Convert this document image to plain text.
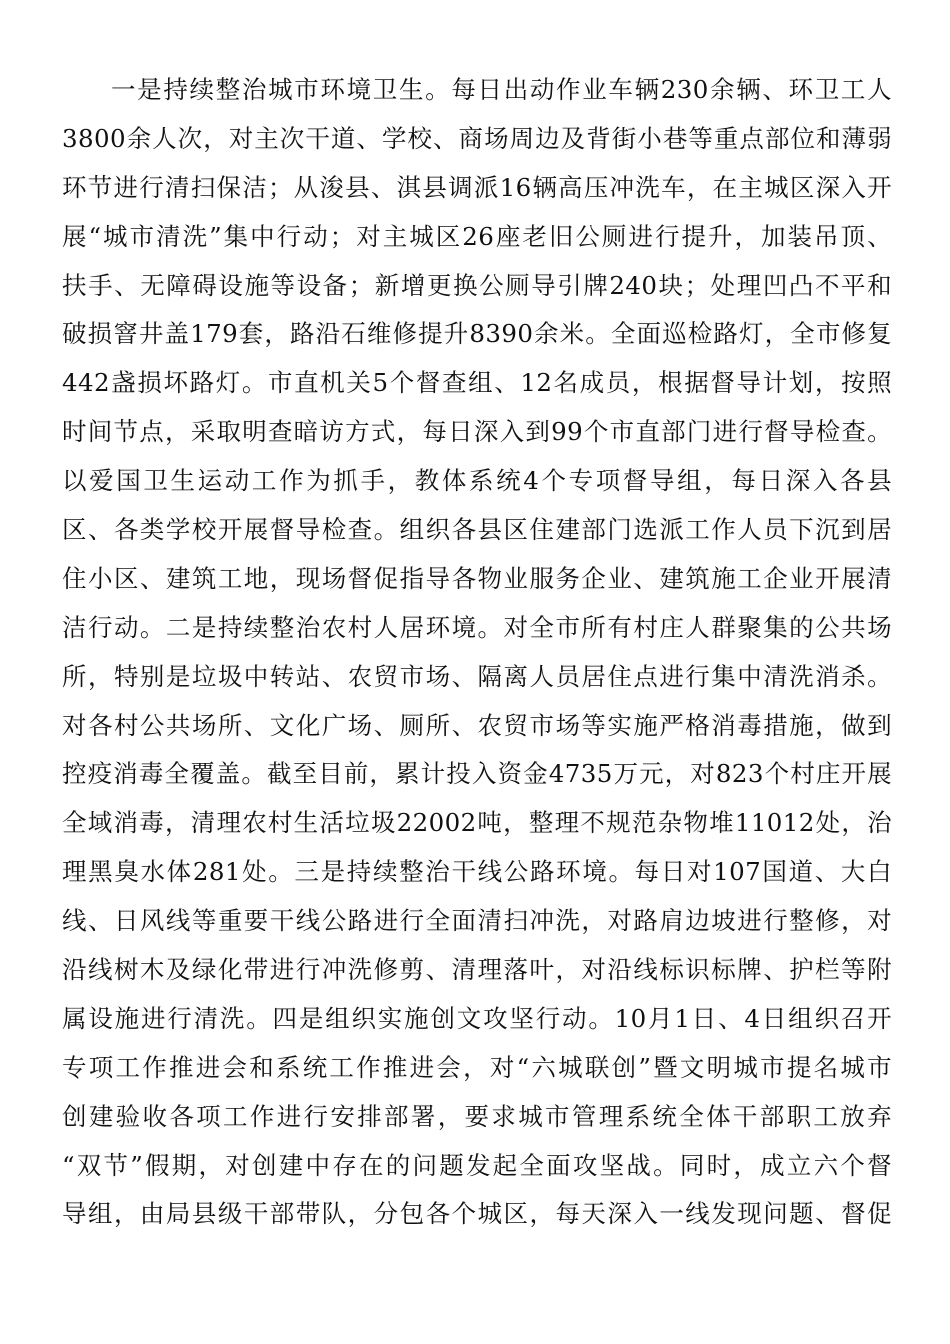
一是持续整治城市环境卫生。每日出动作业车辆230余辆、环卫工人
3800余人次，对主次干道、学校、商场周边及背街小巷等重点部位和薄弱
环节进行清扫保洁；从浚县、淇县调派16辆高压冲洗车，在主城区深入开
展“城市清洗”集中行动；对主城区26座老旧公厕进行提升，加装吊顶、
扶手、无障碍设施等设备；新增更换公厕导引牌240块；处理凹凸不平和
破损窨井盖179套，路沿石维修提升8390余米。全面巡检路灯，全市修复
442盏损坏路灯。市直机关5个督查组、12名成员，根据督导计划，按照
时间节点，采取明查暗访方式，每日深入到99个市直部门进行督导检查。
以爱国卫生运动工作为抓手，教体系统4个专项督导组，每日深入各县
区、各类学校开展督导检查。组织各县区住建部门选派工作人员下沉到居
住小区、建筑工地，现场督促指导各物业服务企业、建筑施工企业开展清
洁行动。二是持续整治农村人居环境。对全市所有村庄人群聚集的公共场
所，特别是垃圾中转站、农贸市场、隔离人员居住点进行集中清洗消杀。
对各村公共场所、文化广场、厕所、农贸市场等实施严格消毒措施，做到
控疫消毒全覆盖。截至目前，累计投入资金4735万元，对823个村庄开展
全域消毒，清理农村生活垃圾22002吨，整理不规范杂物堆11012处，治
理黑臭水体281处。三是持续整治干线公路环境。每日对107国道、大白
线、日风线等重要干线公路进行全面清扫冲洗，对路肩边坡进行整修，对
沿线树木及绿化带进行冲洗修剪、清理落叶，对沿线标识标牌、护栏等附
属设施进行清洗。四是组织实施创文攻坚行动。10月1日、4日组织召开
专项工作推进会和系统工作推进会，对“六城联创”暨文明城市提名城市
创建验收各项工作进行安排部署，要求城市管理系统全体干部职工放弃
“双节”假期，对创建中存在的问题发起全面攻坚战。同时，成立六个督
导组，由局县级干部带队，分包各个城区，每天深入一线发现问题、督促
